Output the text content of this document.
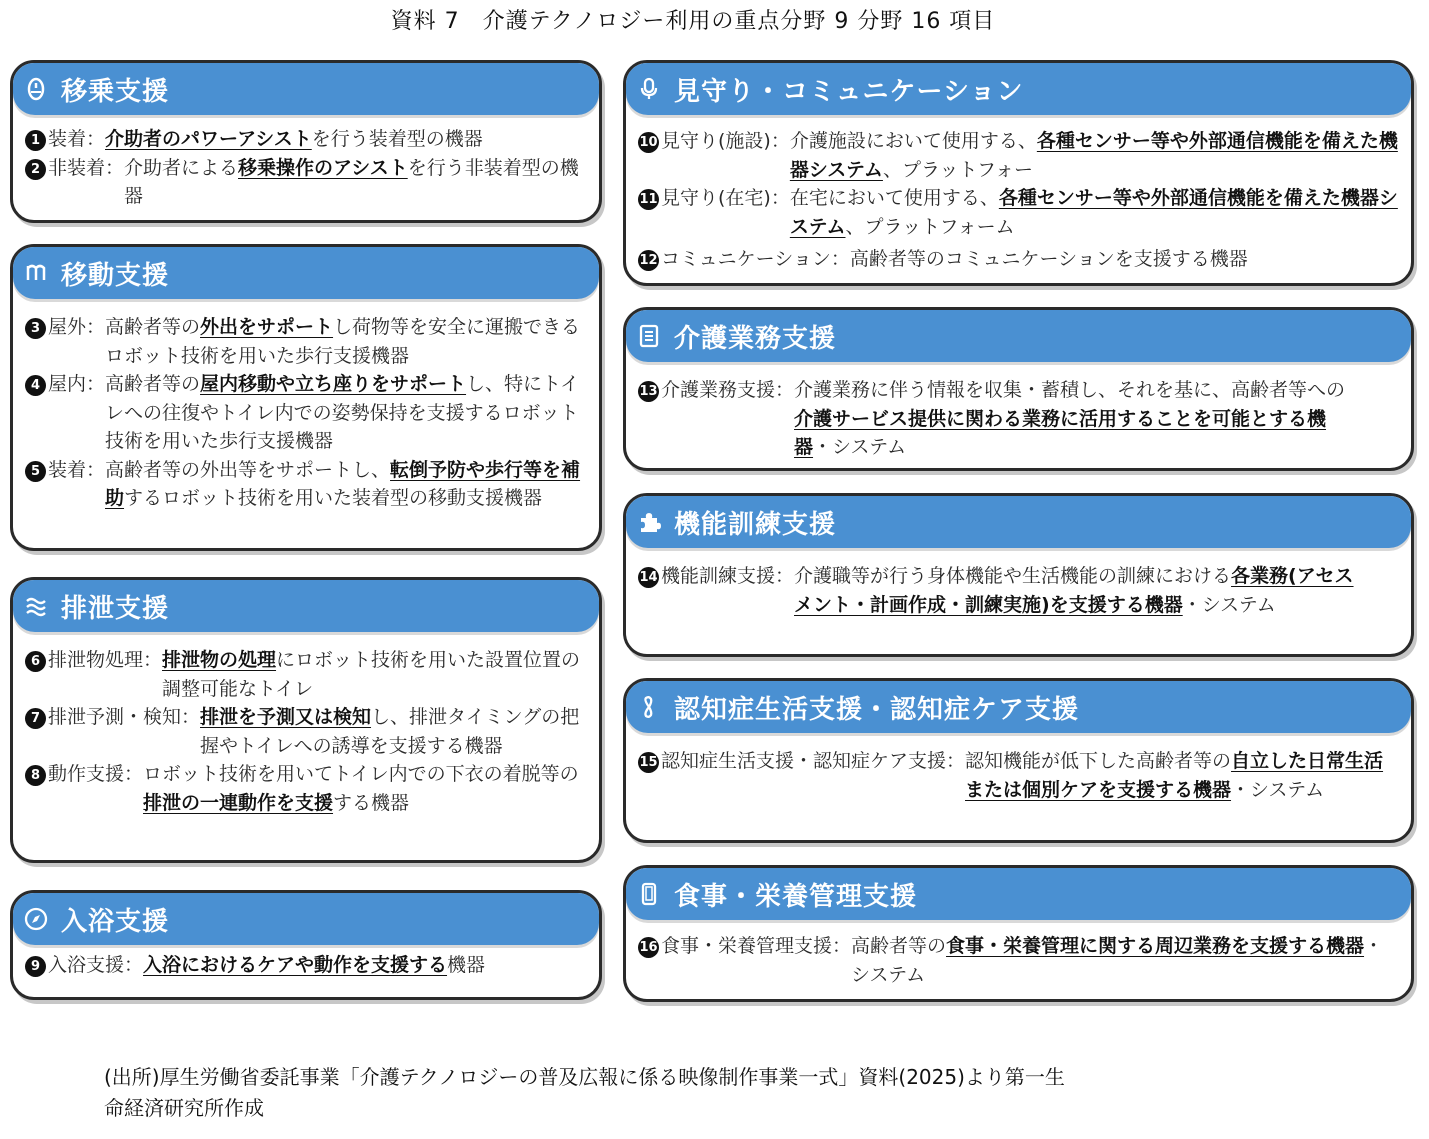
資料 7　介護テクノロジー利用の重点分野 9 分野 16 項目
移乗支援
1 装着： 介助者のパワーアシストを行う装着型の機器
2 非装着： 介助者による移乗操作のアシストを行う非装着型の機器
移動支援
3 屋外： 高齢者等の外出をサポートし荷物等を安全に運搬できるロボット技術を用いた歩行支援機器
4 屋内： 高齢者等の屋内移動や立ち座りをサポートし、特にトイレへの往復やトイレ内での姿勢保持を支援するロボット技術を用いた歩行支援機器
5 装着： 高齢者等の外出等をサポートし、転倒予防や歩行等を補助するロボット技術を用いた装着型の移動支援機器
排泄支援
6 排泄物処理： 排泄物の処理にロボット技術を用いた設置位置の調整可能なトイレ
7 排泄予測・検知： 排泄を予測又は検知し、排泄タイミングの把握やトイレへの誘導を支援する機器
8 動作支援： ロボット技術を用いてトイレ内での下衣の着脱等の排泄の一連動作を支援する機器
入浴支援
9 入浴支援： 入浴におけるケアや動作を支援する機器
見守り・コミュニケーション
10 見守り(施設)： 介護施設において使用する、各種センサー等や外部通信機能を備えた機器システム、プラットフォー
11 見守り(在宅)： 在宅において使用する、各種センサー等や外部通信機能を備えた機器システム、プラットフォーム
12 コミュニケーション： 高齢者等のコミュニケーションを支援する機器
介護業務支援
13 介護業務支援： 介護業務に伴う情報を収集・蓄積し、それを基に、高齢者等への介護サービス提供に関わる業務に活用することを可能とする機器・システム
機能訓練支援
14 機能訓練支援： 介護職等が行う身体機能や生活機能の訓練における各業務(アセスメント・計画作成・訓練実施)を支援する機器・システム
認知症生活支援・認知症ケア支援
15 認知症生活支援・認知症ケア支援： 認知機能が低下した高齢者等の自立した日常生活または個別ケアを支援する機器・システム
食事・栄養管理支援
16 食事・栄養管理支援： 高齢者等の食事・栄養管理に関する周辺業務を支援する機器・システム
(出所)厚生労働省委託事業「介護テクノロジーの普及広報に係る映像制作事業一式」資料(2025)より第一生
命経済研究所作成
